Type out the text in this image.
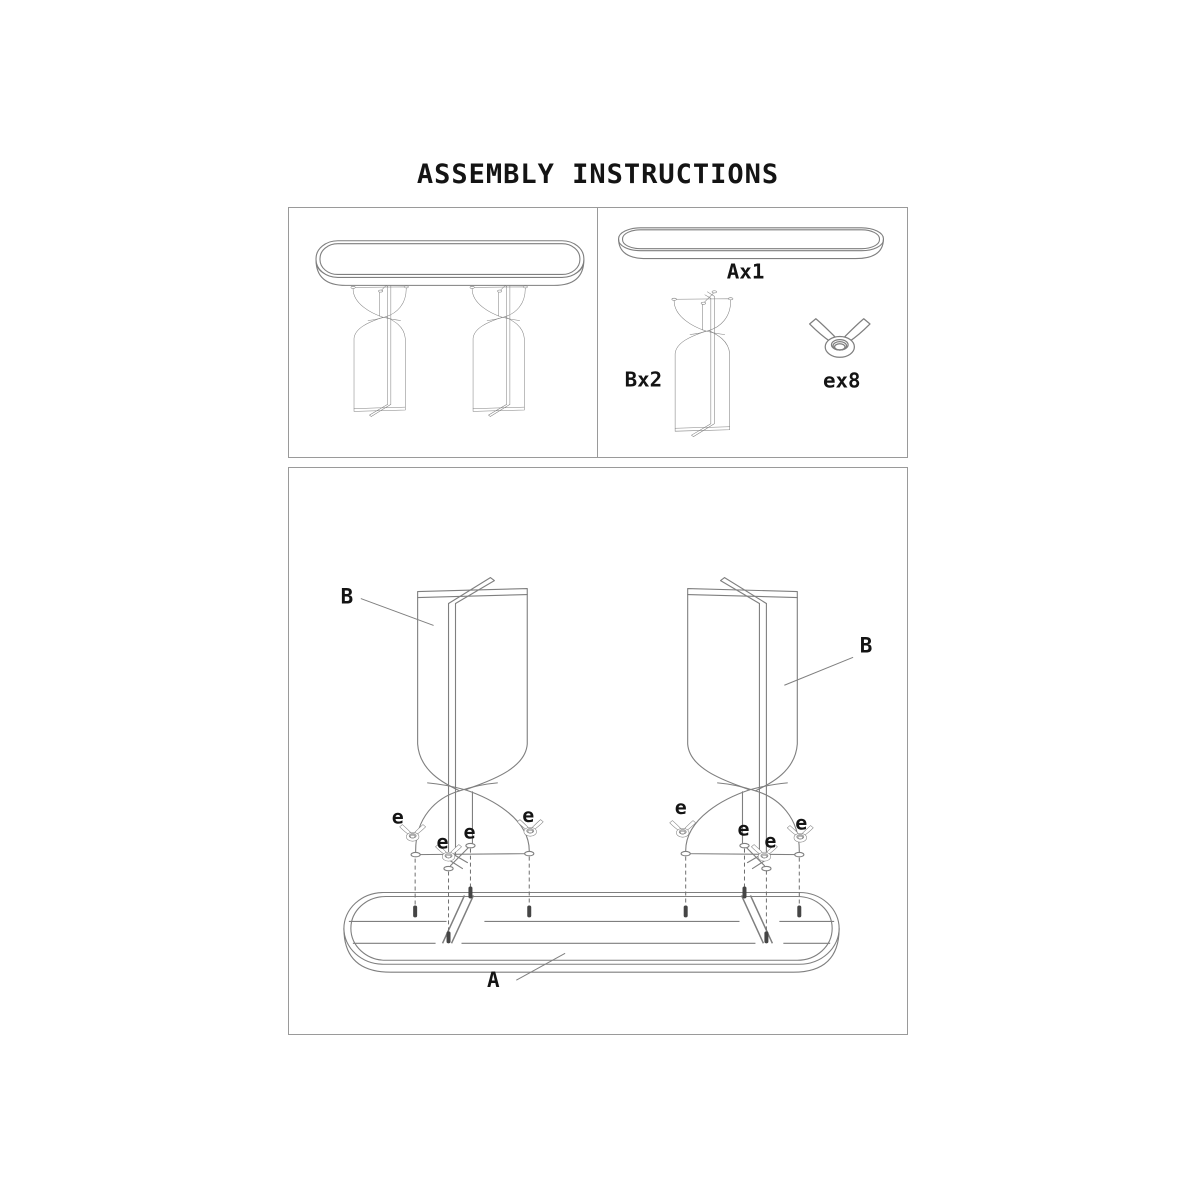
ASSEMBLY INSTRUCTIONS
Ax1
Bx2	ex8
B
B
e
e e
e	e
e
e
e
A
